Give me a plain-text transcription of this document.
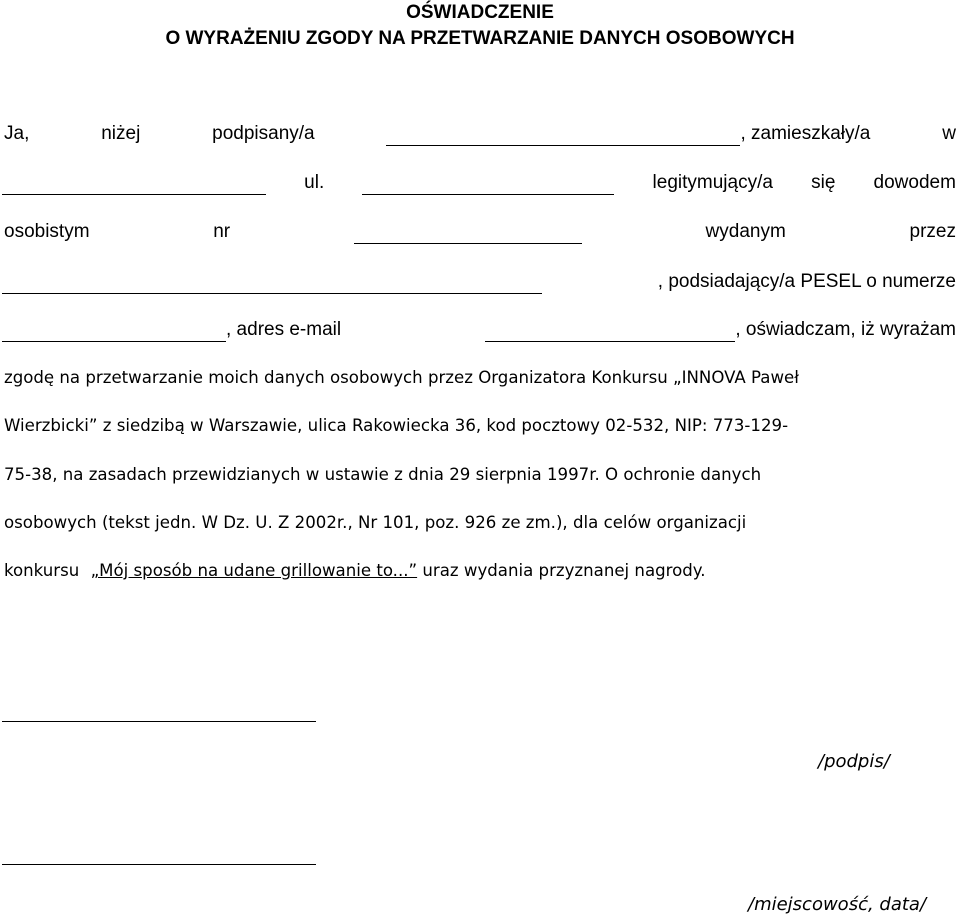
OŚWIADCZENIE
O WYRAŻENIU ZGODY NA PRZETWARZANIE DANYCH OSOBOWYCH
Ja,	niżej	podpisany/a	, zamieszkały/a	w
ul.	legitymujący/a się dowodem
osobistym	nr	wydanym	przez
, podsiadający/a PESEL o numerze
, adres e-mail	, oświadczam, iż wyrażam
zgodę na przetwarzanie moich danych osobowych przez Organizatora Konkursu „INNOVA Paweł
Wierzbicki” z siedzibą w Warszawie, ulica Rakowiecka 36, kod pocztowy 02-532, NIP: 773-129-
75-38, na zasadach przewidzianych w ustawie z dnia 29 sierpnia 1997r. O ochronie danych
osobowych (tekst jedn. W Dz. U. Z 2002r., Nr 101, poz. 926 ze zm.), dla celów organizacji
konkursu „Mój sposób na udane grillowanie to...” uraz wydania przyznanej nagrody.
/podpis/
/miejscowość, data/
